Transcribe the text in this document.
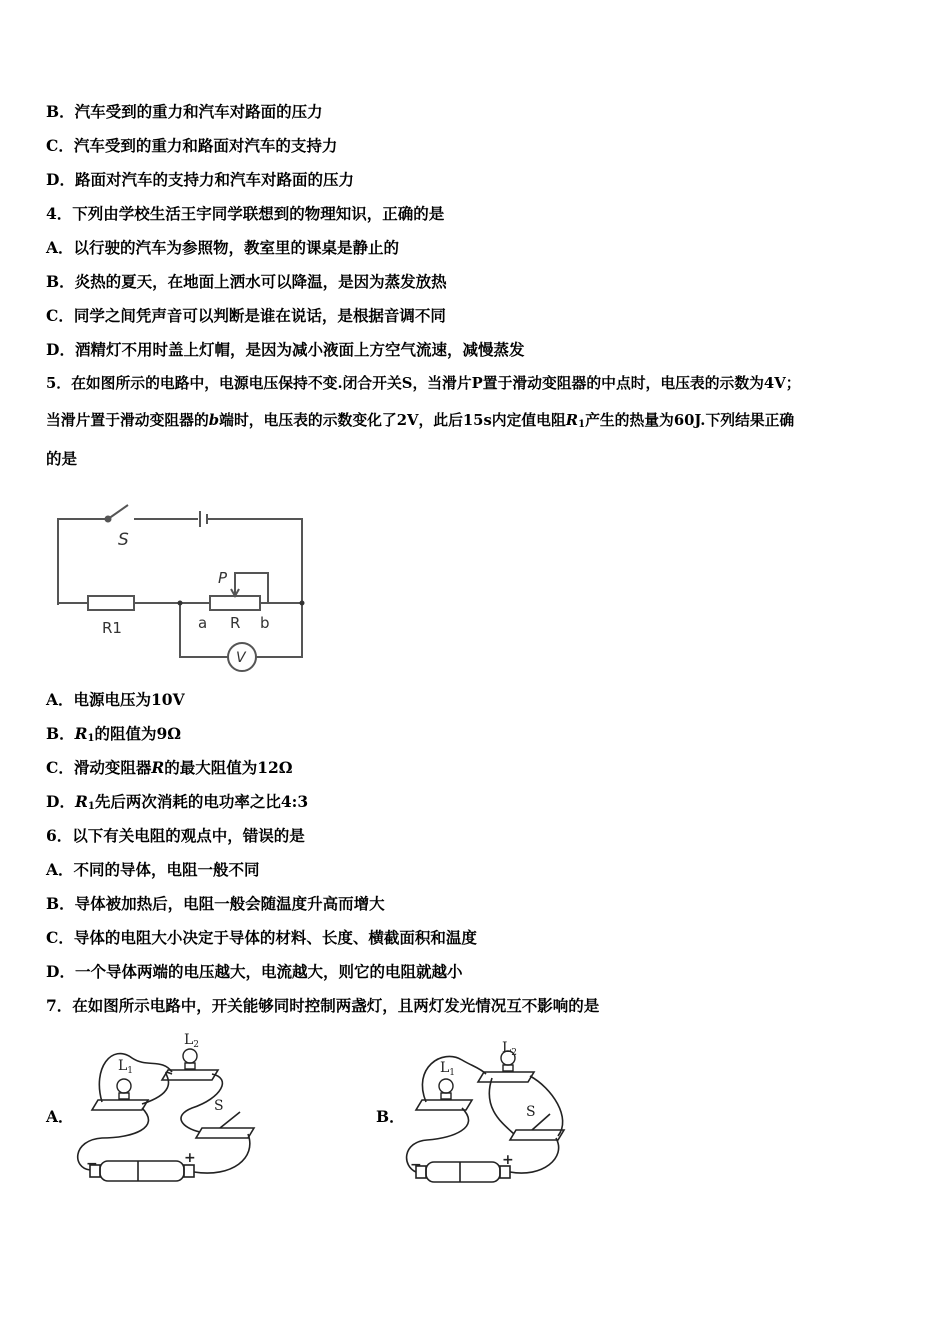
B．汽车受到的重力和汽车对路面的压力
C．汽车受到的重力和路面对汽车的支持力
D．路面对汽车的支持力和汽车对路面的压力
4．下列由学校生活王宇同学联想到的物理知识，正确的是
A．以行驶的汽车为参照物，教室里的课桌是静止的
B．炎热的夏天，在地面上洒水可以降温，是因为蒸发放热
C．同学之间凭声音可以判断是谁在说话，是根据音调不同
D．酒精灯不用时盖上灯帽，是因为减小液面上方空气流速，减慢蒸发
5．在如图所示的电路中，电源电压保持不变.闭合开关S，当滑片P置于滑动变阻器的中点时，电压表的示数为4V；
当滑片置于滑动变阻器的b端时，电压表的示数变化了2V，此后15s内定值电阻$R_1$产生的热量为60J.下列结果正确
的是
S
R1
P
a R b
V
A．电源电压为10V
B．$R_1$的阻值为9Ω
C．滑动变阻器R的最大阻值为12Ω
D．$R_1$先后两次消耗的电功率之比4:3
6．以下有关电阻的观点中，错误的是
A．不同的导体，电阻一般不同
B．导体被加热后，电阻一般会随温度升高而增大
C．导体的电阻大小决定于导体的材料、长度、横截面积和温度
D．一个导体两端的电压越大，电流越大，则它的电阻就越小
7．在如图所示电路中，开关能够同时控制两盏灯，且两灯发光情况互不影响的是
A．	B．
$L_1$
$L_2$
S
−	+
$L_1$
$L_2$
S
−	+
